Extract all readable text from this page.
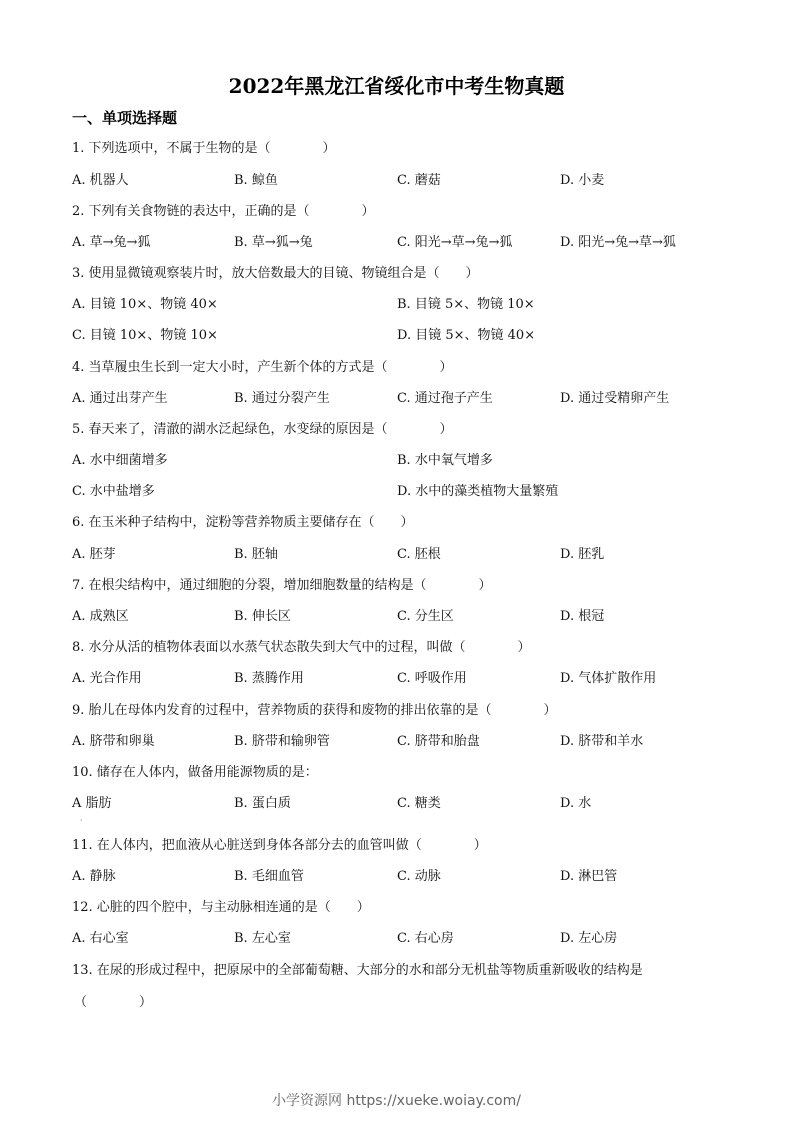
2022年黑龙江省绥化市中考生物真题
一、单项选择题
1. 下列选项中，不属于生物的是（　　　　）
A. 机器人	B. 鲸鱼	C. 蘑菇	D. 小麦
2. 下列有关食物链的表达中，正确的是（　　　　）
A. 草→兔→狐	B. 草→狐→兔	C. 阳光→草→兔→狐	D. 阳光→兔→草→狐
3. 使用显微镜观察装片时，放大倍数最大的目镜、物镜组合是（　　）
A. 目镜 10×、物镜 40×	B. 目镜 5×、物镜 10×
C. 目镜 10×、物镜 10×	D. 目镜 5×、物镜 40×
4. 当草履虫生长到一定大小时，产生新个体的方式是（　　　　）
A. 通过出芽产生	B. 通过分裂产生	C. 通过孢子产生	D. 通过受精卵产生
5. 春天来了，清澈的湖水泛起绿色，水变绿的原因是（　　　　）
A. 水中细菌增多	B. 水中氧气增多
C. 水中盐增多	D. 水中的藻类植物大量繁殖
6. 在玉米种子结构中，淀粉等营养物质主要储存在（　　）
A. 胚芽	B. 胚轴	C. 胚根	D. 胚乳
7. 在根尖结构中，通过细胞的分裂，增加细胞数量的结构是（　　　　）
A. 成熟区	B. 伸长区	C. 分生区	D. 根冠
8. 水分从活的植物体表面以水蒸气状态散失到大气中的过程，叫做（　　　　）
A. 光合作用	B. 蒸腾作用	C. 呼吸作用	D. 气体扩散作用
9. 胎儿在母体内发育的过程中，营养物质的获得和废物的排出依靠的是（　　　　）
A. 脐带和卵巢	B. 脐带和输卵管	C. 脐带和胎盘	D. 脐带和羊水
10. 储存在人体内，做备用能源物质的是：
A 脂肪	B. 蛋白质	C. 糖类	D. 水
'
11. 在人体内，把血液从心脏送到身体各部分去的血管叫做（　　　　）
A. 静脉	B. 毛细血管	C. 动脉	D. 淋巴管
12. 心脏的四个腔中，与主动脉相连通的是（　　）
A. 右心室	B. 左心室	C. 右心房	D. 左心房
13. 在尿的形成过程中，把原尿中的全部葡萄糖、大部分的水和部分无机盐等物质重新吸收的结构是
（　　　　）
小学资源网 https://xueke.woiay.com/
